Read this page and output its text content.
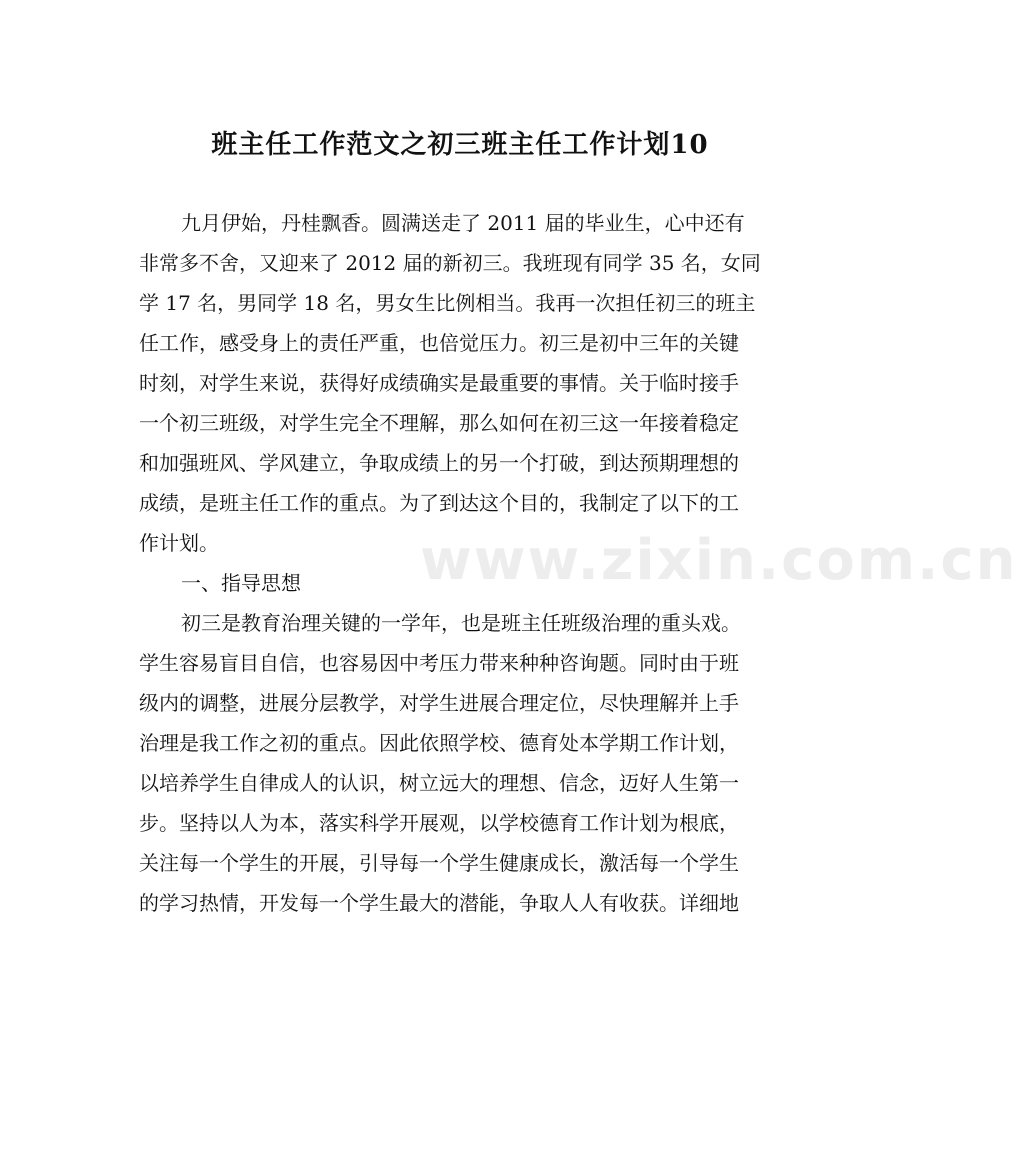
班主任工作范文之初三班主任工作计划10
九月伊始，丹桂飘香。圆满送走了 2011 届的毕业生，心中还有
非常多不舍，又迎来了 2012 届的新初三。我班现有同学 35 名，女同
学 17 名，男同学 18 名，男女生比例相当。我再一次担任初三的班主
任工作，感受身上的责任严重，也倍觉压力。初三是初中三年的关键
时刻，对学生来说，获得好成绩确实是最重要的事情。关于临时接手
一个初三班级，对学生完全不理解，那么如何在初三这一年接着稳定
和加强班风、学风建立，争取成绩上的另一个打破，到达预期理想的
成绩，是班主任工作的重点。为了到达这个目的，我制定了以下的工
作计划。
一、指导思想
初三是教育治理关键的一学年，也是班主任班级治理的重头戏。
学生容易盲目自信，也容易因中考压力带来种种咨询题。同时由于班
级内的调整，进展分层教学，对学生进展合理定位，尽快理解并上手
治理是我工作之初的重点。因此依照学校、德育处本学期工作计划，
以培养学生自律成人的认识，树立远大的理想、信念，迈好人生第一
步。坚持以人为本，落实科学开展观，以学校德育工作计划为根底，
关注每一个学生的开展，引导每一个学生健康成长，激活每一个学生
的学习热情，开发每一个学生最大的潜能，争取人人有收获。详细地
www.zixin.com.cn
